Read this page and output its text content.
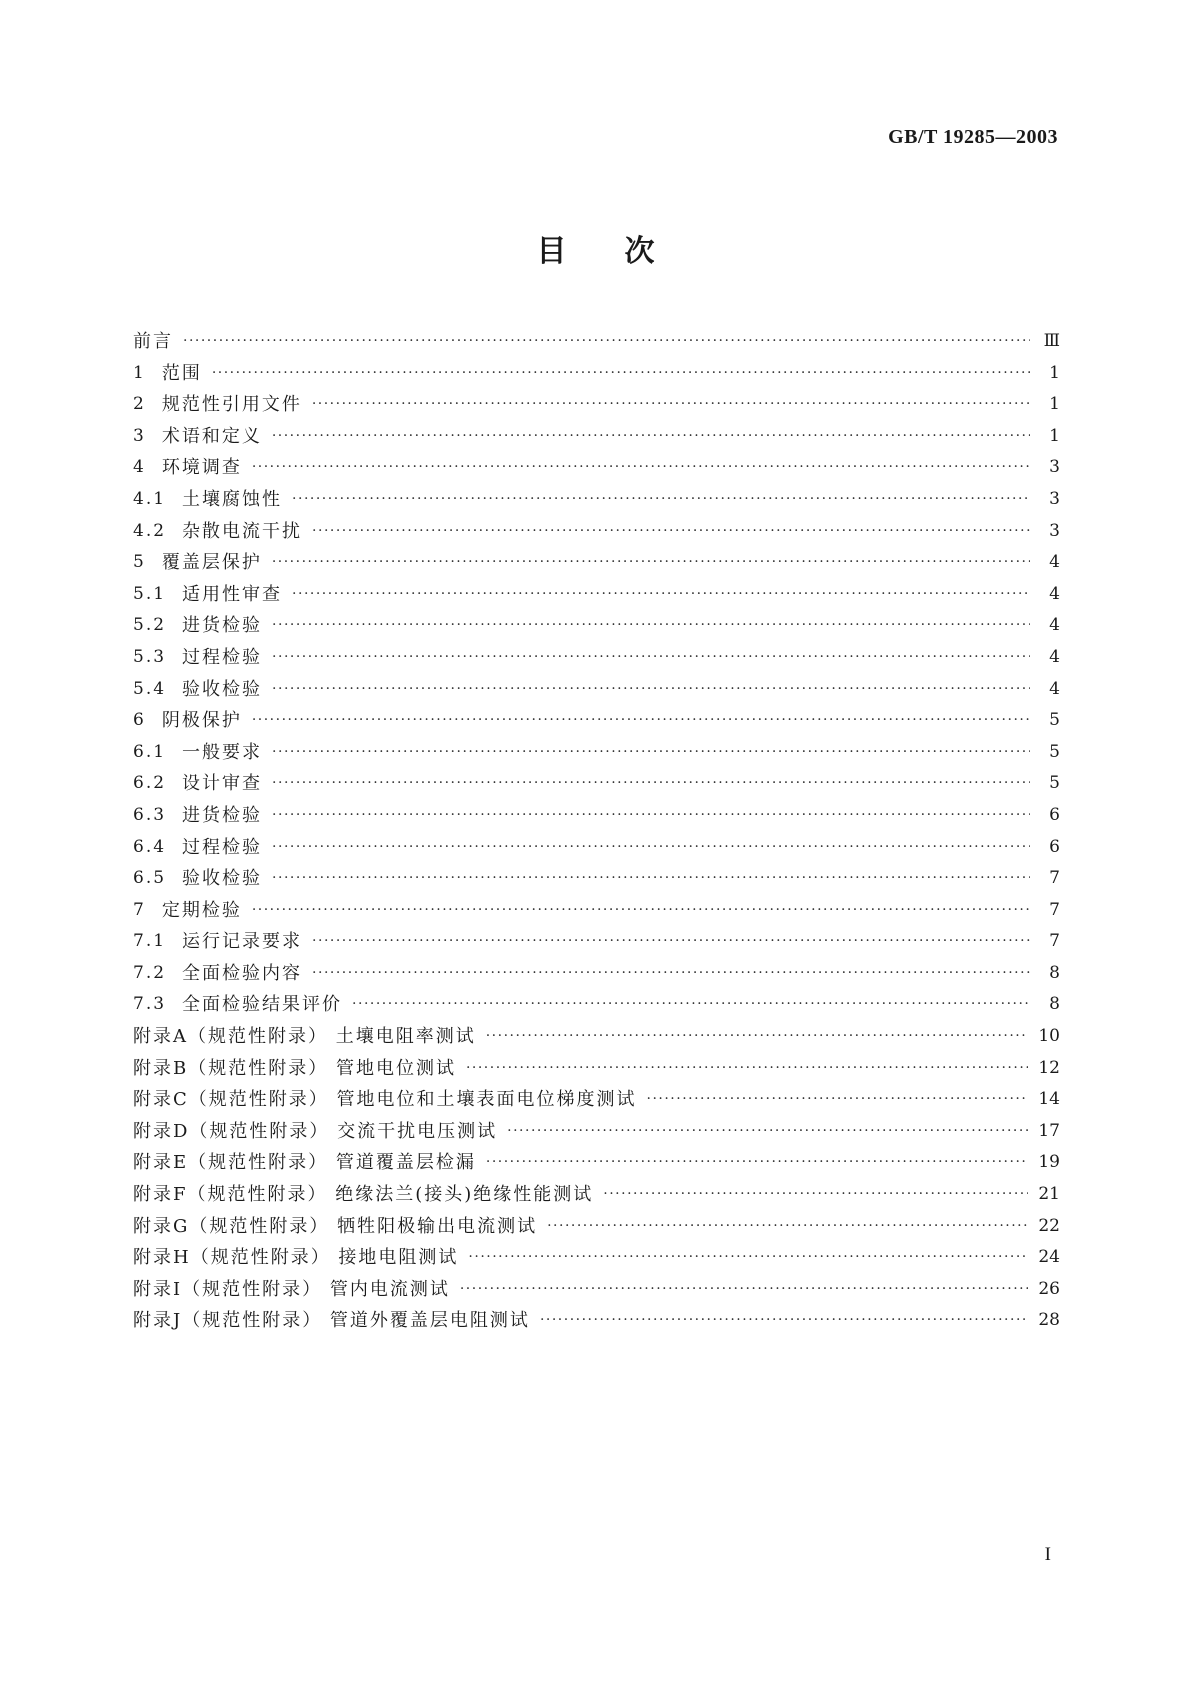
GB/T 19285—2003
目次
前言 ·····	Ⅲ
1 范围 ·····	1
2 规范性引用文件 ·····	1
3 术语和定义 ·····	1
4 环境调查 ·····	3
4.1 土壤腐蚀性 ·····	3
4.2 杂散电流干扰 ·····	3
5 覆盖层保护 ·····	4
5.1 适用性审查 ·····	4
5.2 进货检验 ·····	4
5.3 过程检验 ·····	4
5.4 验收检验 ·····	4
6 阴极保护 ·····	5
6.1 一般要求 ·····	5
6.2 设计审查 ·····	5
6.3 进货检验 ·····	6
6.4 过程检验 ·····	6
6.5 验收检验 ·····	7
7 定期检验 ·····	7
7.1 运行记录要求 ·····	7
7.2 全面检验内容 ·····	8
7.3 全面检验结果评价 ·····	8
附录A（规范性附录） 土壤电阻率测试 ·····	10
附录B（规范性附录） 管地电位测试 ·····	12
附录C（规范性附录） 管地电位和土壤表面电位梯度测试 ·····	14
附录D（规范性附录） 交流干扰电压测试 ·····	17
附录E（规范性附录） 管道覆盖层检漏 ·····	19
附录F（规范性附录） 绝缘法兰(接头)绝缘性能测试 ·····	21
附录G（规范性附录） 牺牲阳极输出电流测试 ·····	22
附录H（规范性附录） 接地电阻测试 ·····	24
附录I（规范性附录） 管内电流测试 ·····	26
附录J（规范性附录） 管道外覆盖层电阻测试 ·····	28
I
